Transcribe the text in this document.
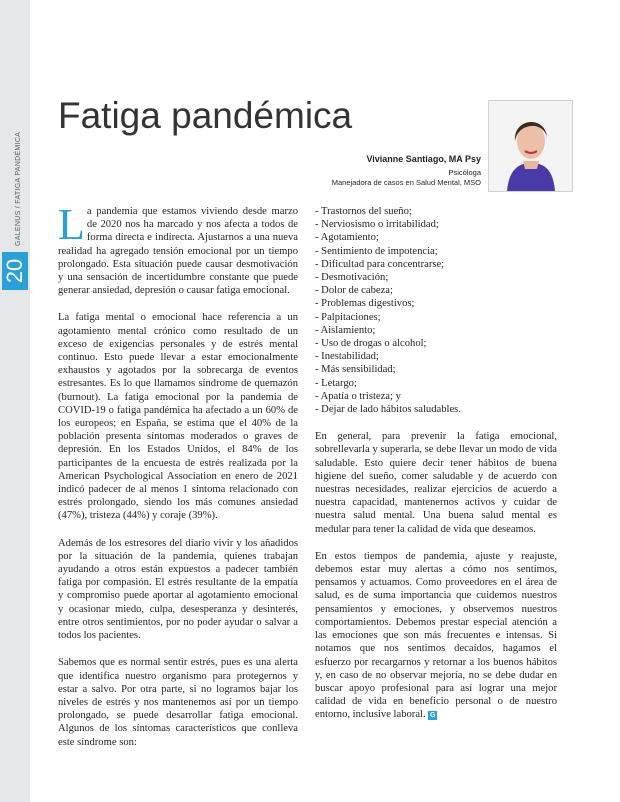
GALENUS / FATIGA PANDÉMICA
20
Fatiga pandémica
Vivianne Santiago, MA Psy
Psicóloga
Manejadora de casos en Salud Mental, MSO

La pandemia que estamos viviendo desde marzo de 2020 nos ha marcado y nos afecta a todos de forma directa e indirecta. Ajustarnos a una nueva realidad ha agregado tensión emocional por un tiempo prolongado. Esta situación puede causar desmotivación y una sensación de incertidumbre constante que puede generar ansiedad, depresión o causar fatiga emocional.

La fatiga mental o emocional hace referencia a un agotamiento mental crónico como resultado de un exceso de exigencias personales y de estrés mental continuo. Esto puede llevar a estar emocionalmente exhaustos y agotados por la sobrecarga de eventos estresantes. Es lo que llamamos síndrome de quemazón (burnout). La fatiga emocional por la pandemia de COVID-19 o fatiga pandémica ha afectado a un 60% de los europeos; en España, se estima que el 40% de la población presenta síntomas moderados o graves de depresión. En los Estados Unidos, el 84% de los participantes de la encuesta de estrés realizada por la American Psychological Association en enero de 2021 indicó padecer de al menos 1 síntoma relacionado con estrés prolongado, siendo los más comunes ansiedad (47%), tristeza (44%) y coraje (39%).

Además de los estresores del diario vivir y los añadidos por la situación de la pandemia, quienes trabajan ayudando a otros están expuestos a padecer también fatiga por compasión. El estrés resultante de la empatía y compromiso puede aportar al agotamiento emocional y ocasionar miedo, culpa, desesperanza y desinterés, entre otros sentimientos, por no poder ayudar o salvar a todos los pacientes.

Sabemos que es normal sentir estrés, pues es una alerta que identifica nuestro organismo para protegernos y estar a salvo. Por otra parte, si no logramos bajar los niveles de estrés y nos mantenemos así por un tiempo prolongado, se puede desarrollar fatiga emocional. Algunos de los síntomas característicos que conlleva este síndrome son:

- Trastornos del sueño;
- Nerviosismo o irritabilidad;
- Agotamiento;
- Sentimiento de impotencia;
- Dificultad para concentrarse;
- Desmotivación;
- Dolor de cabeza;
- Problemas digestivos;
- Palpitaciones;
- Aislamiento;
- Uso de drogas o alcohol;
- Inestabilidad;
- Más sensibilidad;
- Letargo;
- Apatía o tristeza; y
- Dejar de lado hábitos saludables.

En general, para prevenir la fatiga emocional, sobrellevarla y superarla, se debe llevar un modo de vida saludable. Esto quiere decir tener hábitos de buena higiene del sueño, comer saludable y de acuerdo con nuestras necesidades, realizar ejercicios de acuerdo a nuestra capacidad, mantenernos activos y cuidar de nuestra salud mental. Una buena salud mental es medular para tener la calidad de vida que deseamos.

En estos tiempos de pandemia, ajuste y reajuste, debemos estar muy alertas a cómo nos sentimos, pensamos y actuamos. Como proveedores en el área de salud, es de suma importancia que cuidemos nuestros pensamientos y emociones, y observemos nuestros comportamientos. Debemos prestar especial atención a las emociones que son más frecuentes e intensas. Si notamos que nos sentimos decaídos, hagamos el esfuerzo por recargarnos y retornar a los buenos hábitos y, en caso de no observar mejoría, no se debe dudar en buscar apoyo profesional para así lograr una mejor calidad de vida en beneficio personal o de nuestro entorno, inclusive laboral. G
